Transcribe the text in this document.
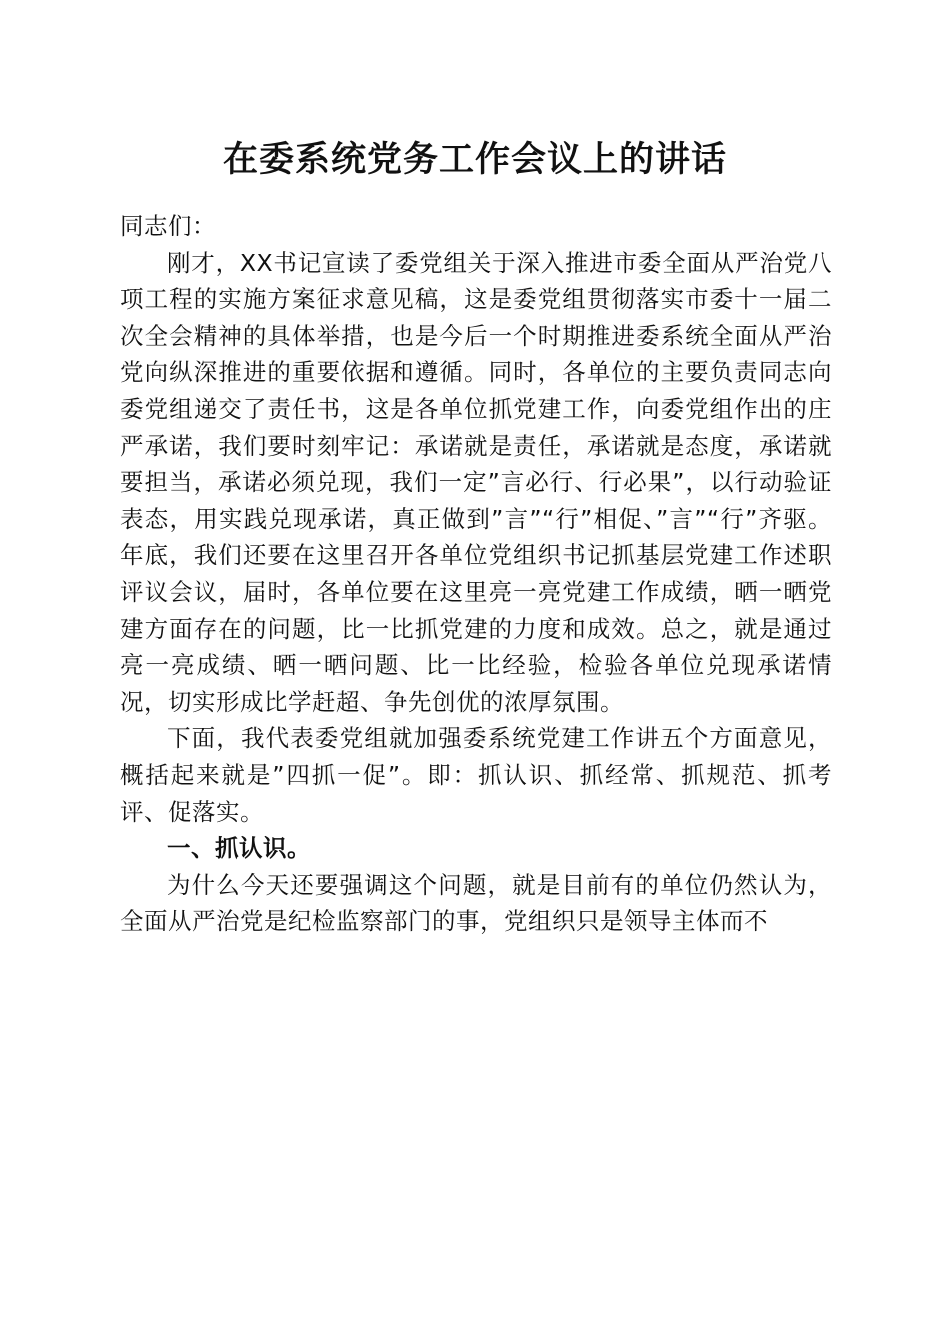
在委系统党务工作会议上的讲话

同志们：

刚才，XX书记宣读了委党组关于深入推进市委全面从严治党八项工程的实施方案征求意见稿，这是委党组贯彻落实市委十一届二次全会精神的具体举措，也是今后一个时期推进委系统全面从严治党向纵深推进的重要依据和遵循。同时，各单位的主要负责同志向委党组递交了责任书，这是各单位抓党建工作，向委党组作出的庄严承诺，我们要时刻牢记：承诺就是责任，承诺就是态度，承诺就要担当，承诺必须兑现，我们一定”言必行、行必果”，以行动验证表态，用实践兑现承诺，真正做到”言”“行”相促、”言”“行”齐驱。年底，我们还要在这里召开各单位党组织书记抓基层党建工作述职评议会议，届时，各单位要在这里亮一亮党建工作成绩，晒一晒党建方面存在的问题，比一比抓党建的力度和成效。总之，就是通过亮一亮成绩、晒一晒问题、比一比经验，检验各单位兑现承诺情况，切实形成比学赶超、争先创优的浓厚氛围。

下面，我代表委党组就加强委系统党建工作讲五个方面意见，概括起来就是”四抓一促”。即：抓认识、抓经常、抓规范、抓考评、促落实。

一、抓认识。

为什么今天还要强调这个问题，就是目前有的单位仍然认为，全面从严治党是纪检监察部门的事，党组织只是领导主体而不
